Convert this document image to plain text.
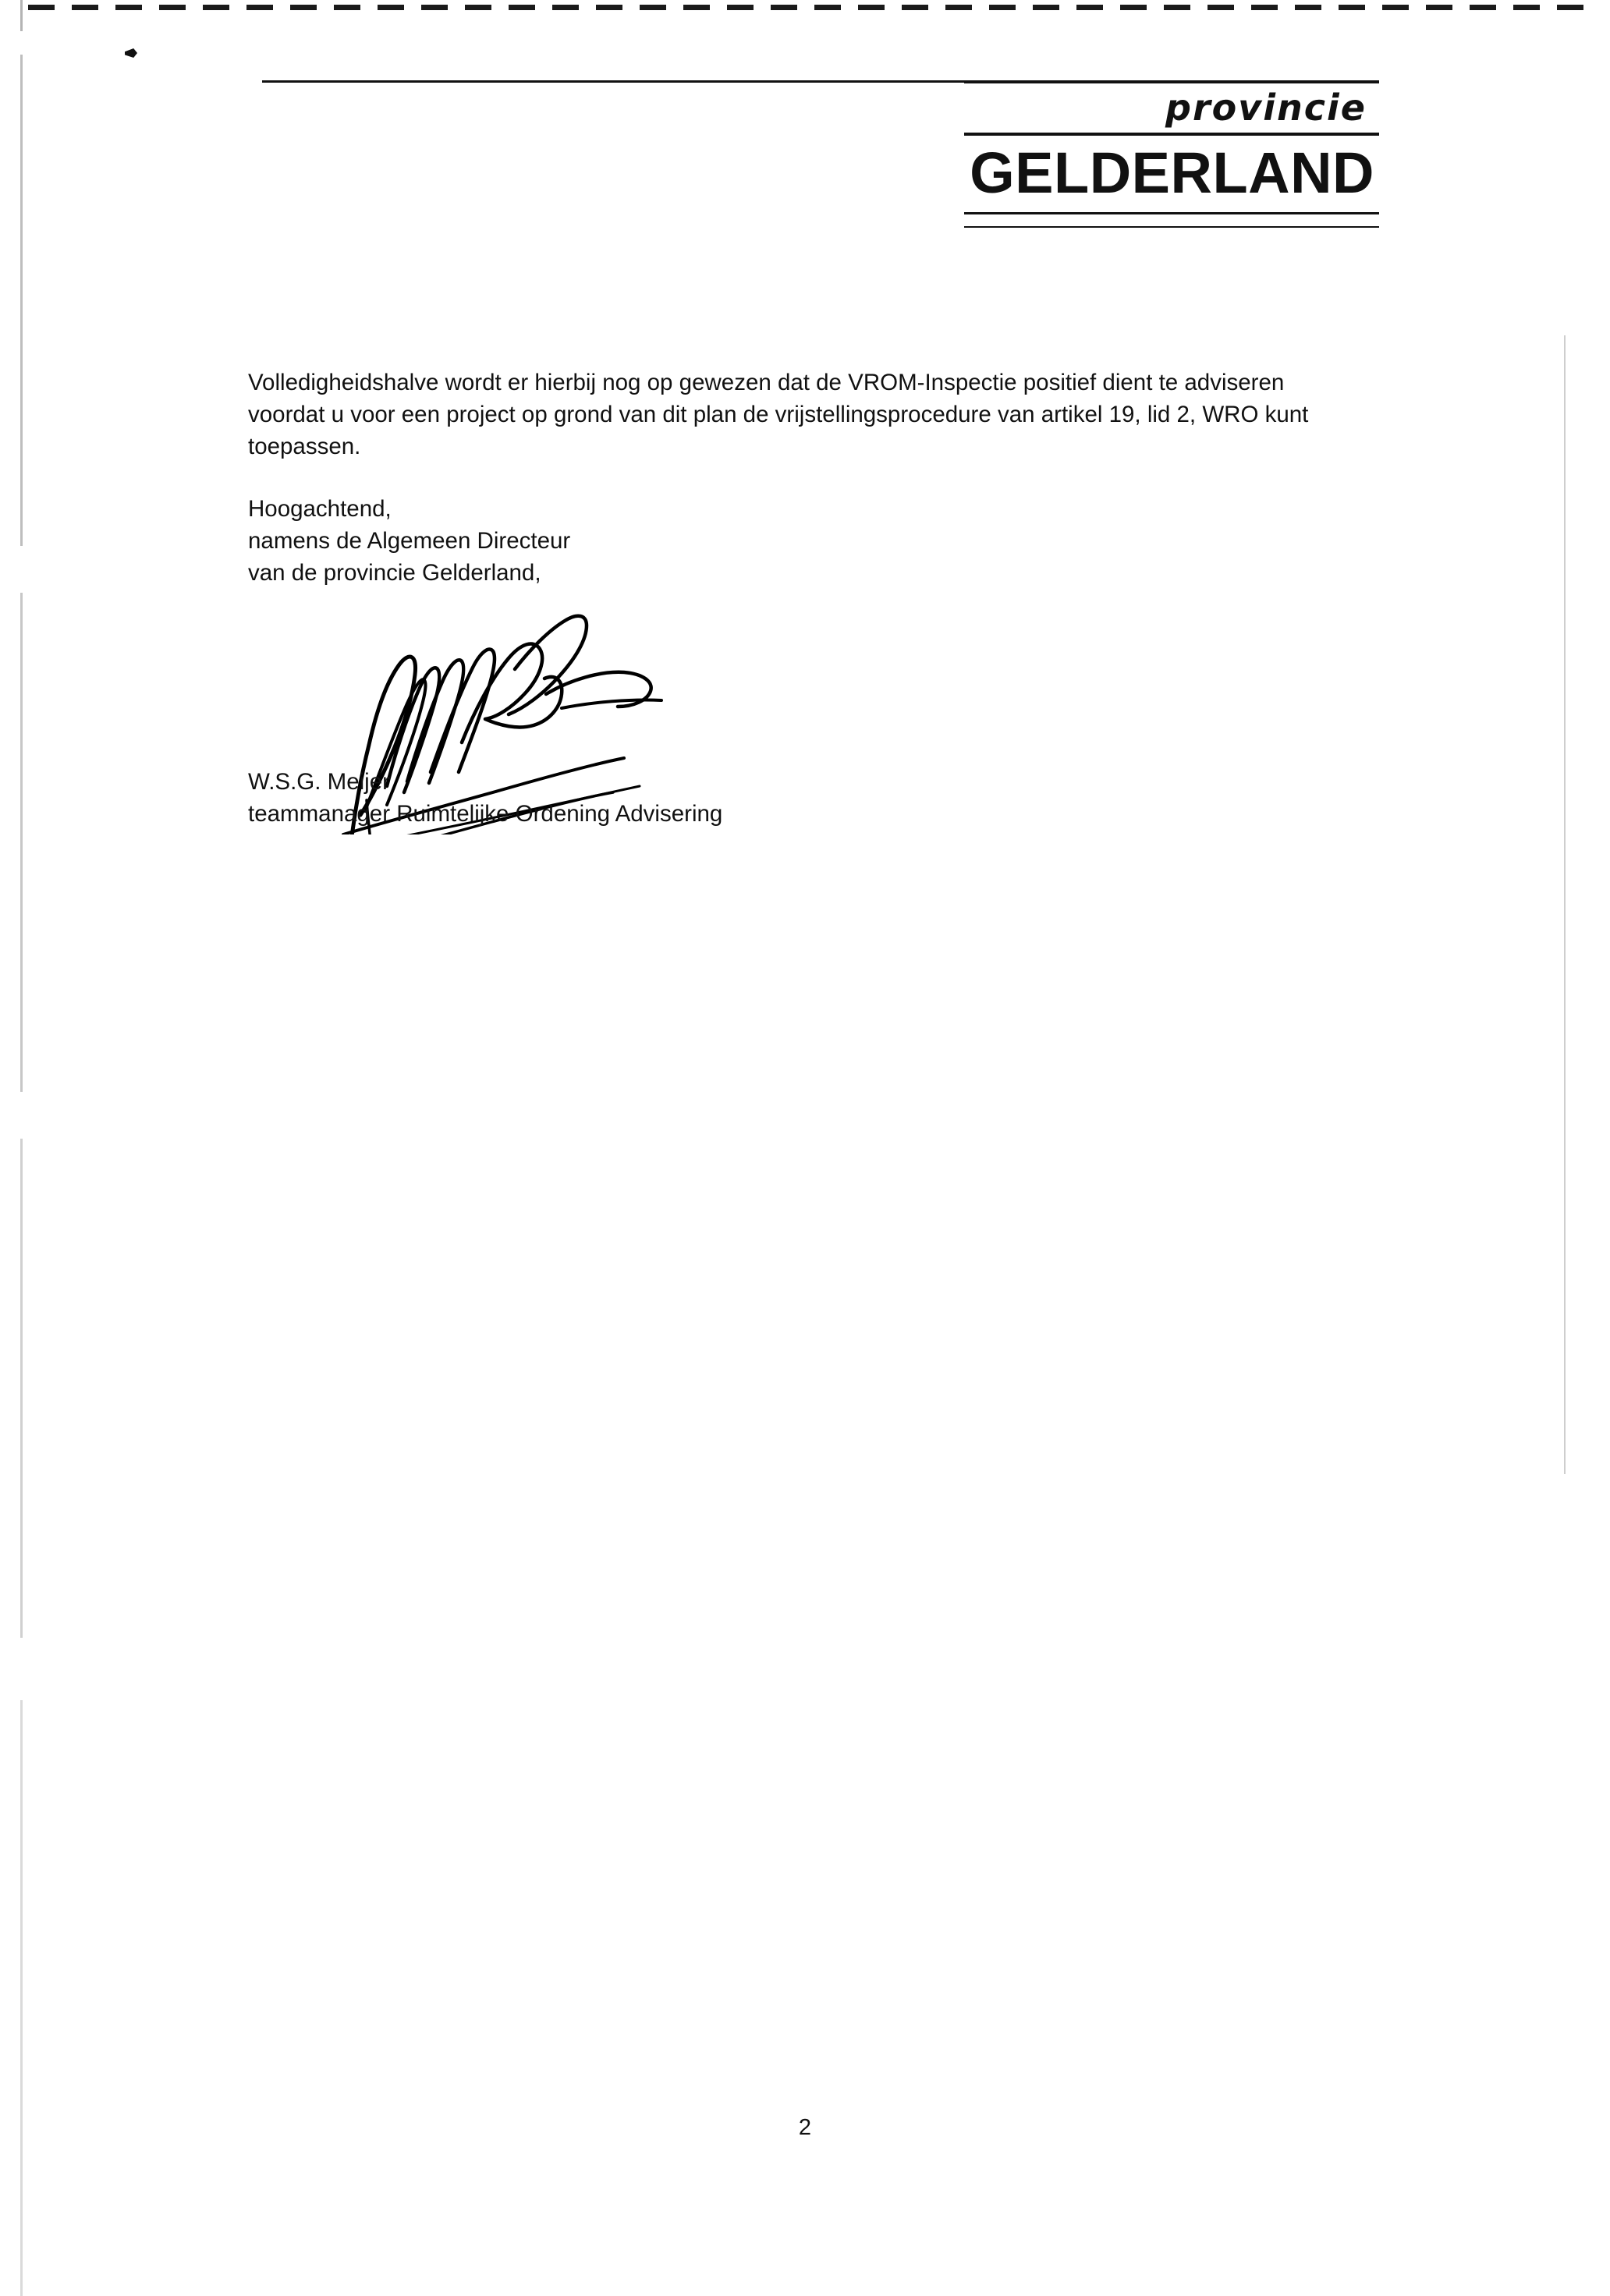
provincie
GELDERLAND

Volledigheidshalve wordt er hierbij nog op gewezen dat de VROM-Inspectie positief dient te adviseren voordat u voor een project op grond van dit plan de vrijstellingsprocedure van artikel 19, lid 2, WRO kunt toepassen.

Hoogachtend,
namens de Algemeen Directeur
van de provincie Gelderland,
W.S.G. Meijer
teammanager Ruimtelijke Ordening Advisering
2
